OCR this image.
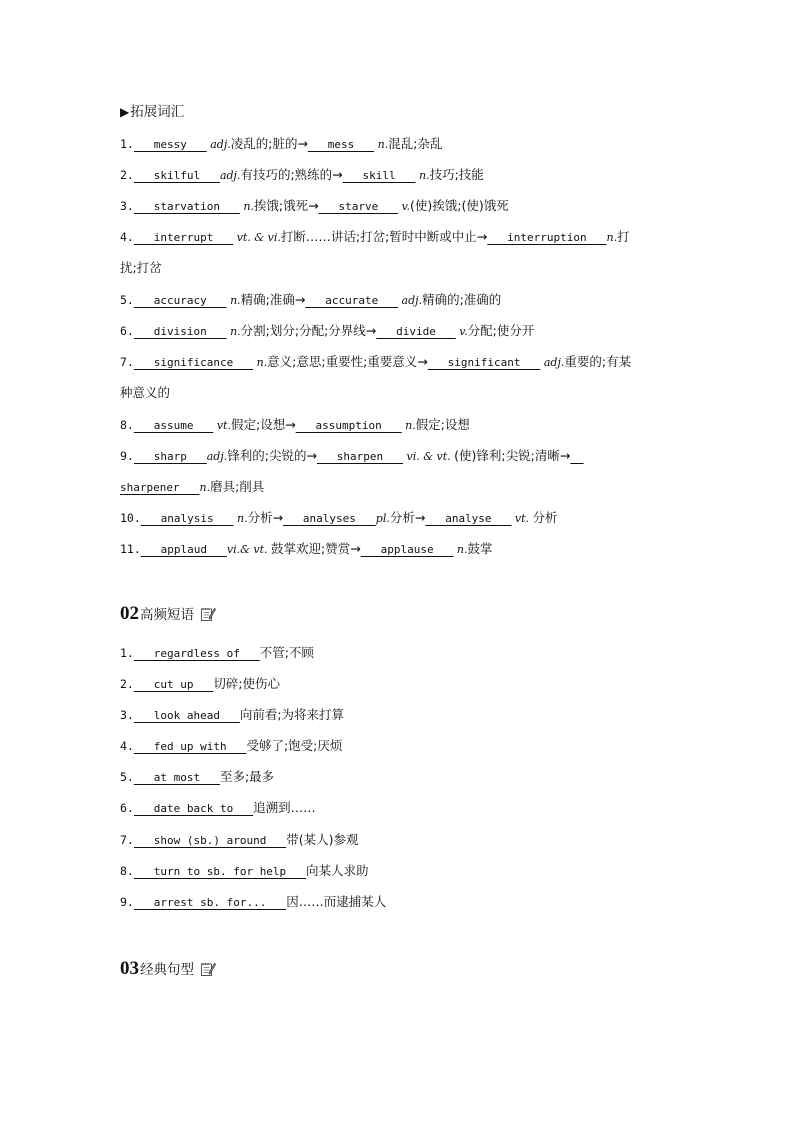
▶拓展词汇
1.   messy    adj.凌乱的;脏的→   mess    n.混乱;杂乱
2.   skilful   adj.有技巧的;熟练的→   skill    n.技巧;技能
3.   starvation    n.挨饿;饿死→   starve    v.(使)挨饿;(使)饿死
4.   interrupt    vt. & vi.打断……讲话;打岔;暂时中断或中止→   interruption   n.打
扰;打岔
5.   accuracy    n.精确;准确→   accurate    adj.精确的;准确的
6.   division    n.分割;划分;分配;分界线→   divide    v.分配;使分开
7.   significance    n.意义;意思;重要性;重要意义→   significant    adj.重要的;有某
种意义的
8.   assume    vt.假定;设想→   assumption    n.假定;设想
9.   sharp   adj.锋利的;尖锐的→   sharpen    vi. & vt. (使)锋利;尖锐;清晰→
sharpener   n.磨具;削具
10.   analysis    n.分析→   analyses   pl.分析→   analyse    vt. 分析
11.   applaud   vi.& vt. 鼓掌欢迎;赞赏→   applause    n.鼓掌
02 高频短语
1.   regardless of   不管;不顾
2.   cut up   切碎;使伤心
3.   look ahead   向前看;为将来打算
4.   fed up with   受够了;饱受;厌烦
5.   at most   至多;最多
6.   date back to   追溯到……
7.   show (sb.) around   带(某人)参观
8.   turn to sb. for help   向某人求助
9.   arrest sb. for...   因……而逮捕某人
03 经典句型
